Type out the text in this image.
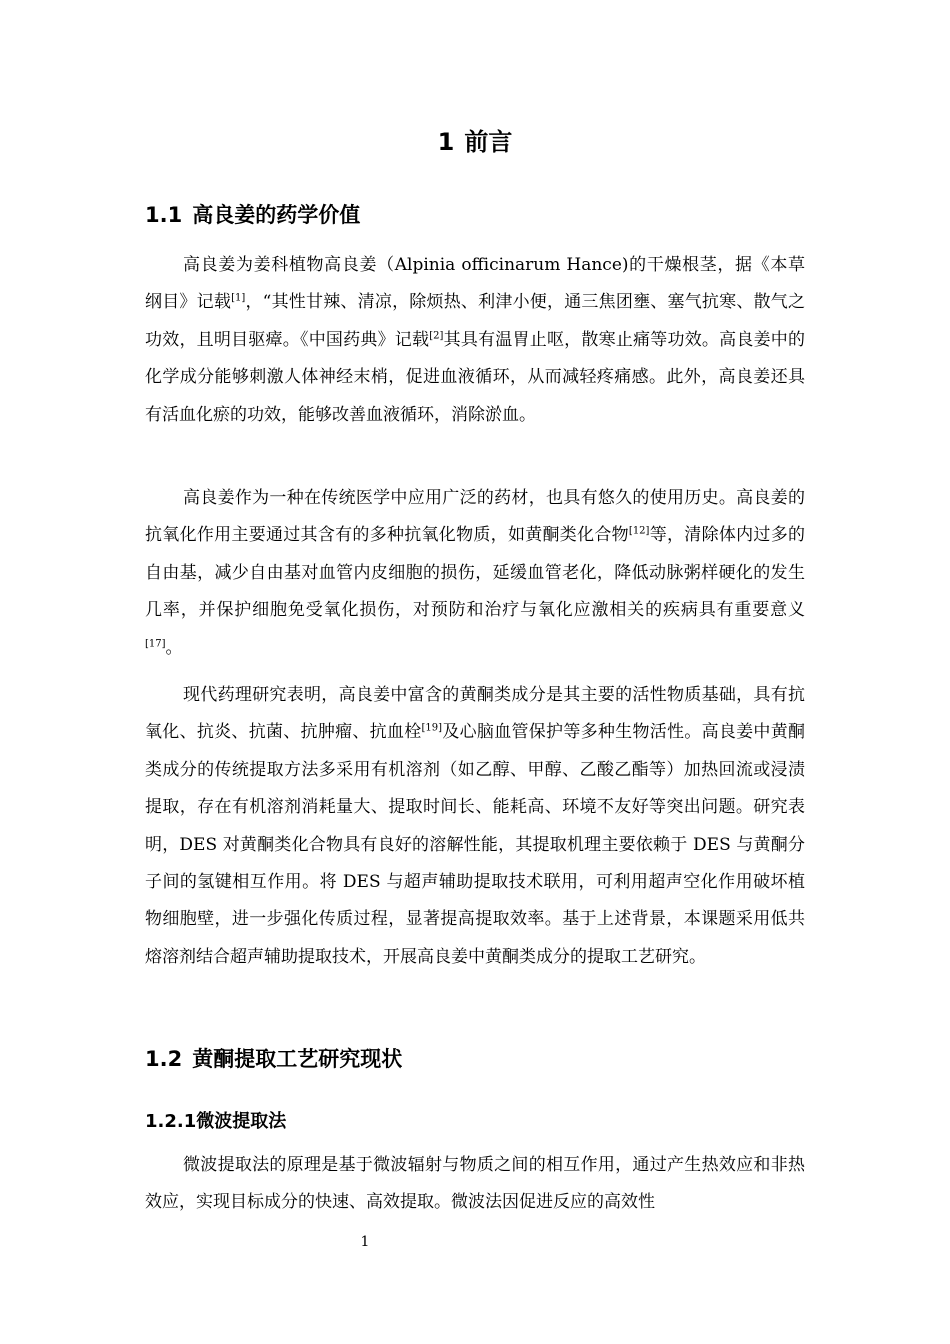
1 前言
1.1 高良姜的药学价值

高良姜为姜科植物高良姜（Alpinia officinarum Hance)的干燥根茎，据《本草纲目》记载[1]，“其性甘辣、清凉，除烦热、利津小便，通三焦团壅、塞气抗寒、散气之功效，且明目驱瘴。《中国药典》记载[2]其具有温胃止呕，散寒止痛等功效。高良姜中的化学成分能够刺激人体神经末梢，促进血液循环，从而减轻疼痛感。此外，高良姜还具有活血化瘀的功效，能够改善血液循环，消除淤血。

高良姜作为一种在传统医学中应用广泛的药材，也具有悠久的使用历史。高良姜的抗氧化作用主要通过其含有的多种抗氧化物质，如黄酮类化合物[12]等，清除体内过多的自由基，减少自由基对血管内皮细胞的损伤，延缓血管老化，降低动脉粥样硬化的发生几率，并保护细胞免受氧化损伤，对预防和治疗与氧化应激相关的疾病具有重要意义[17]。

现代药理研究表明，高良姜中富含的黄酮类成分是其主要的活性物质基础，具有抗氧化、抗炎、抗菌、抗肿瘤、抗血栓[19]及心脑血管保护等多种生物活性。高良姜中黄酮类成分的传统提取方法多采用有机溶剂（如乙醇、甲醇、乙酸乙酯等）加热回流或浸渍提取，存在有机溶剂消耗量大、提取时间长、能耗高、环境不友好等突出问题。研究表明，DES 对黄酮类化合物具有良好的溶解性能，其提取机理主要依赖于 DES 与黄酮分子间的氢键相互作用。将 DES 与超声辅助提取技术联用，可利用超声空化作用破坏植物细胞壁，进一步强化传质过程，显著提高提取效率。基于上述背景，本课题采用低共熔溶剂结合超声辅助提取技术，开展高良姜中黄酮类成分的提取工艺研究。

1.2 黄酮提取工艺研究现状
1.2.1微波提取法

微波提取法的原理是基于微波辐射与物质之间的相互作用，通过产生热效应和非热效应，实现目标成分的快速、高效提取。微波法因促进反应的高效性

1
